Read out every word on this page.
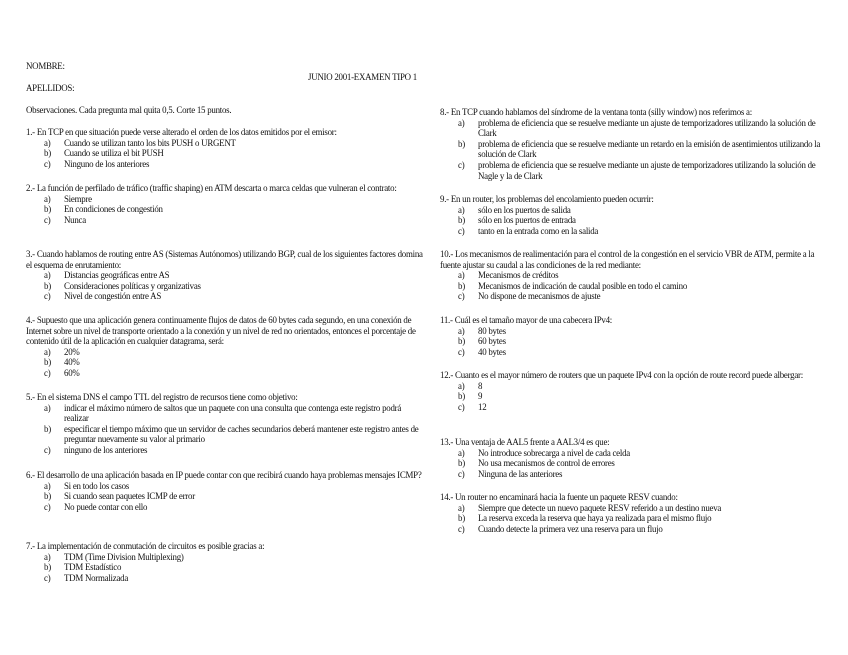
NOMBRE:
JUNIO 2001-EXAMEN TIPO 1
APELLIDOS:
Observaciones. Cada pregunta mal quita 0,5. Corte 15 puntos.
1.- En TCP en que situación puede verse alterado el orden de los datos emitidos por el emisor:
a) Cuando se utilizan tanto los bits PUSH o URGENT
b) Cuando se utiliza el bit PUSH
c) Ninguno de los anteriores
2.- La función de perfilado de tráfico (traffic shaping) en ATM descarta o marca celdas que vulneran el contrato:
a) Siempre
b) En condiciones de congestión
c) Nunca
3.- Cuando hablamos de routing entre AS (Sistemas Autónomos) utilizando BGP, cual de los siguientes factores domina el esquema de enrutamiento:
a) Distancias geográficas entre AS
b) Consideraciones políticas y organizativas
c) Nivel de congestión entre AS
4.- Supuesto que una aplicación genera continuamente flujos de datos de 60 bytes cada segundo, en una conexión de Internet sobre un nivel de transporte orientado a la conexión y un nivel de red no orientados, entonces el porcentaje de contenido útil de la aplicación en cualquier datagrama, será:
a) 20%
b) 40%
c) 60%
5.- En el sistema DNS el campo TTL del registro de recursos tiene como objetivo:
a) indicar el máximo número de saltos que un paquete con una consulta que contenga este registro podrá realizar
b) especificar el tiempo máximo que un servidor de caches secundarios deberá mantener este registro antes de preguntar nuevamente su valor al primario
c) ninguno de los anteriores
6.- El desarrollo de una aplicación basada en IP puede contar con que recibirá cuando haya problemas mensajes ICMP?
a) Si en todo los casos
b) Si cuando sean paquetes ICMP de error
c) No puede contar con ello
7.- La implementación de conmutación de circuitos es posible gracias a:
a) TDM (Time Division Multiplexing)
b) TDM Estadístico
c) TDM Normalizada
8.- En TCP cuando hablamos del síndrome de la ventana tonta (silly window) nos referimos a:
a) problema de eficiencia que se resuelve mediante un ajuste de temporizadores utilizando la solución de Clark
b) problema de eficiencia que se resuelve mediante un retardo en la emisión de asentimientos utilizando la solución de Clark
c) problema de eficiencia que se resuelve mediante un ajuste de temporizadores utilizando la solución de Nagle y la de Clark
9.- En un router, los problemas del encolamiento pueden ocurrir:
a) sólo en los puertos de salida
b) sólo en los puertos de entrada
c) tanto en la entrada como en la salida
10.- Los mecanismos de realimentación para el control de la congestión en el servicio VBR de ATM, permite a la fuente ajustar su caudal a las condiciones de la red mediante:
a) Mecanismos de créditos
b) Mecanismos de indicación de caudal posible en todo el camino
c) No dispone de mecanismos de ajuste
11.- Cuál es el tamaño mayor de una cabecera IPv4:
a) 80 bytes
b) 60 bytes
c) 40 bytes
12.- Cuanto es el mayor número de routers que un paquete IPv4 con la opción de route record puede albergar:
a) 8
b) 9
c) 12
13.- Una ventaja de AAL5 frente a AAL3/4 es que:
a) No introduce sobrecarga a nivel de cada celda
b) No usa mecanismos de control de errores
c) Ninguna de las anteriores
14.- Un router no encaminará hacia la fuente un paquete RESV cuando:
a) Siempre que detecte un nuevo paquete RESV referido a un destino nueva
b) La reserva exceda la reserva que haya ya realizada para el mismo flujo
c) Cuando detecte la primera vez una reserva para un flujo
